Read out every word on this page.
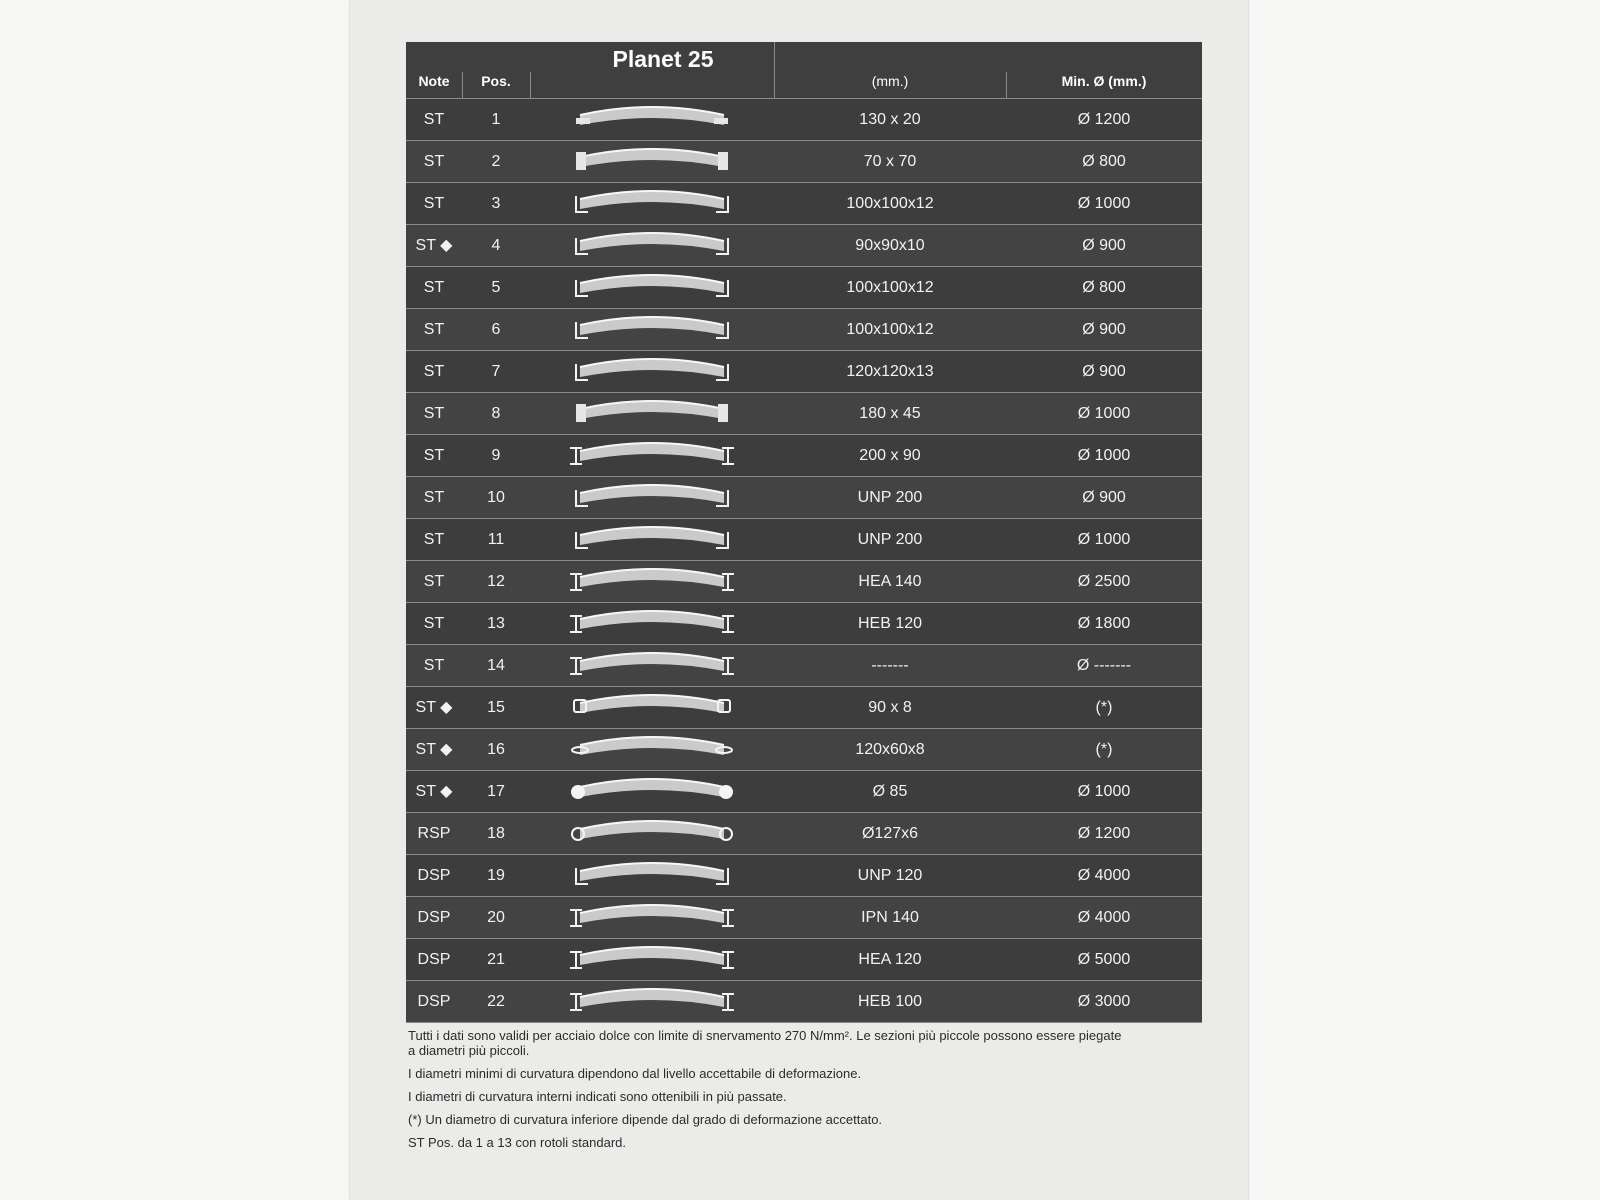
Planet 25
Note	Pos.	(mm.)	Min. Ø (mm.)
ST	1	130 x 20	Ø 1200
ST	2	70 x 70	Ø 800
ST	3	100x100x12	Ø 1000
ST ◆	4	90x90x10	Ø 900
ST	5	100x100x12	Ø 800
ST	6	100x100x12	Ø 900
ST	7	120x120x13	Ø 900
ST	8	180 x 45	Ø 1000
ST	9	200 x 90	Ø 1000
ST	10	UNP 200	Ø 900
ST	11	UNP 200	Ø 1000
ST	12	HEA 140	Ø 2500
ST	13	HEB 120	Ø 1800
ST	14	-------	Ø -------
ST ◆	15	90 x 8	(*)
ST ◆	16	120x60x8	(*)
ST ◆	17	Ø 85	Ø 1000
RSP	18	Ø127x6	Ø 1200
DSP	19	UNP 120	Ø 4000
DSP	20	IPN 140	Ø 4000
DSP	21	HEA 120	Ø 5000
DSP	22	HEB 100	Ø 3000

Tutti i dati sono validi per acciaio dolce con limite di snervamento 270 N/mm². Le sezioni più piccole possono essere piegate a diametri più piccoli.

I diametri minimi di curvatura dipendono dal livello accettabile di deformazione.

I diametri di curvatura interni indicati sono ottenibili in più passate.

(*) Un diametro di curvatura inferiore dipende dal grado di deformazione accettato.

ST Pos. da 1 a 13 con rotoli standard.
